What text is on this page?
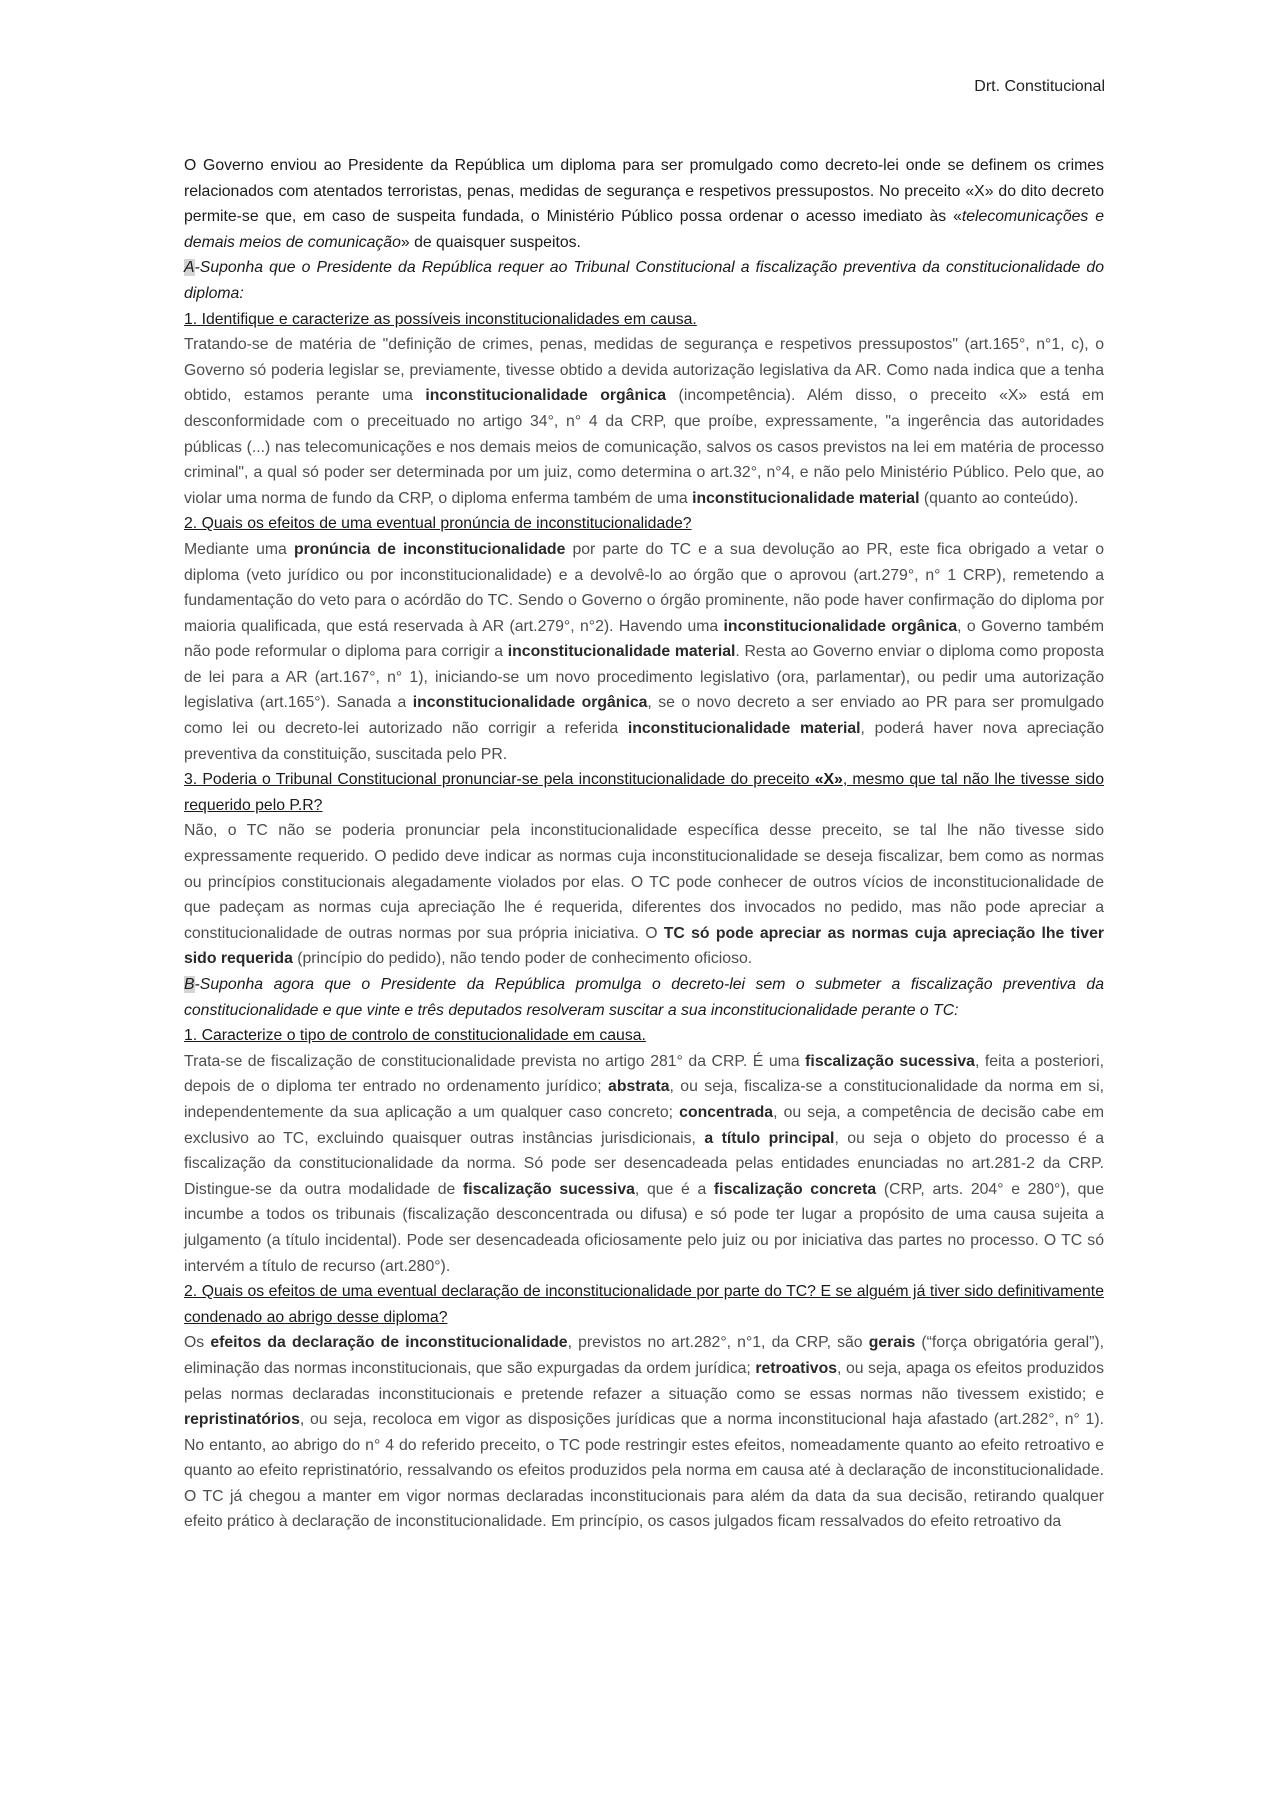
Drt. Constitucional

O Governo enviou ao Presidente da República um diploma para ser promulgado como decreto-lei onde se definem os crimes relacionados com atentados terroristas, penas, medidas de segurança e respetivos pressupostos. No preceito «X» do dito decreto permite-se que, em caso de suspeita fundada, o Ministério Público possa ordenar o acesso imediato às «telecomunicações e demais meios de comunicação» de quaisquer suspeitos.

A-Suponha que o Presidente da República requer ao Tribunal Constitucional a fiscalização preventiva da constitucionalidade do diploma:

1. Identifique e caracterize as possíveis inconstitucionalidades em causa.

Tratando-se de matéria de "definição de crimes, penas, medidas de segurança e respetivos pressupostos" (art.165°, n°1, c), o Governo só poderia legislar se, previamente, tivesse obtido a devida autorização legislativa da AR. Como nada indica que a tenha obtido, estamos perante uma inconstitucionalidade orgânica (incompetência). Além disso, o preceito «X» está em desconformidade com o preceituado no artigo 34°, n° 4 da CRP, que proíbe, expressamente, "a ingerência das autoridades públicas (...) nas telecomunicações e nos demais meios de comunicação, salvos os casos previstos na lei em matéria de processo criminal", a qual só poder ser determinada por um juiz, como determina o art.32°, n°4, e não pelo Ministério Público. Pelo que, ao violar uma norma de fundo da CRP, o diploma enferma também de uma inconstitucionalidade material (quanto ao conteúdo).

2. Quais os efeitos de uma eventual pronúncia de inconstitucionalidade?

Mediante uma pronúncia de inconstitucionalidade por parte do TC e a sua devolução ao PR, este fica obrigado a vetar o diploma (veto jurídico ou por inconstitucionalidade) e a devolvê-lo ao órgão que o aprovou (art.279°, n° 1 CRP), remetendo a fundamentação do veto para o acórdão do TC. Sendo o Governo o órgão prominente, não pode haver confirmação do diploma por maioria qualificada, que está reservada à AR (art.279°, n°2). Havendo uma inconstitucionalidade orgânica, o Governo também não pode reformular o diploma para corrigir a inconstitucionalidade material. Resta ao Governo enviar o diploma como proposta de lei para a AR (art.167°, n° 1), iniciando-se um novo procedimento legislativo (ora, parlamentar), ou pedir uma autorização legislativa (art.165°). Sanada a inconstitucionalidade orgânica, se o novo decreto a ser enviado ao PR para ser promulgado como lei ou decreto-lei autorizado não corrigir a referida inconstitucionalidade material, poderá haver nova apreciação preventiva da constituição, suscitada pelo PR.

3. Poderia o Tribunal Constitucional pronunciar-se pela inconstitucionalidade do preceito «X», mesmo que tal não lhe tivesse sido requerido pelo P.R?

Não, o TC não se poderia pronunciar pela inconstitucionalidade específica desse preceito, se tal lhe não tivesse sido expressamente requerido. O pedido deve indicar as normas cuja inconstitucionalidade se deseja fiscalizar, bem como as normas ou princípios constitucionais alegadamente violados por elas. O TC pode conhecer de outros vícios de inconstitucionalidade de que padeçam as normas cuja apreciação lhe é requerida, diferentes dos invocados no pedido, mas não pode apreciar a constitucionalidade de outras normas por sua própria iniciativa. O TC só pode apreciar as normas cuja apreciação lhe tiver sido requerida (princípio do pedido), não tendo poder de conhecimento oficioso.

B-Suponha agora que o Presidente da República promulga o decreto-lei sem o submeter a fiscalização preventiva da constitucionalidade e que vinte e três deputados resolveram suscitar a sua inconstitucionalidade perante o TC:

1. Caracterize o tipo de controlo de constitucionalidade em causa.

Trata-se de fiscalização de constitucionalidade prevista no artigo 281° da CRP. É uma fiscalização sucessiva, feita a posteriori, depois de o diploma ter entrado no ordenamento jurídico; abstrata, ou seja, fiscaliza-se a constitucionalidade da norma em si, independentemente da sua aplicação a um qualquer caso concreto; concentrada, ou seja, a competência de decisão cabe em exclusivo ao TC, excluindo quaisquer outras instâncias jurisdicionais, a título principal, ou seja o objeto do processo é a fiscalização da constitucionalidade da norma. Só pode ser desencadeada pelas entidades enunciadas no art.281-2 da CRP. Distingue-se da outra modalidade de fiscalização sucessiva, que é a fiscalização concreta (CRP, arts. 204° e 280°), que incumbe a todos os tribunais (fiscalização desconcentrada ou difusa) e só pode ter lugar a propósito de uma causa sujeita a julgamento (a título incidental). Pode ser desencadeada oficiosamente pelo juiz ou por iniciativa das partes no processo. O TC só intervém a título de recurso (art.280°).

2. Quais os efeitos de uma eventual declaração de inconstitucionalidade por parte do TC? E se alguém já tiver sido definitivamente condenado ao abrigo desse diploma?

Os efeitos da declaração de inconstitucionalidade, previstos no art.282°, n°1, da CRP, são gerais (“força obrigatória geral”), eliminação das normas inconstitucionais, que são expurgadas da ordem jurídica; retroativos, ou seja, apaga os efeitos produzidos pelas normas declaradas inconstitucionais e pretende refazer a situação como se essas normas não tivessem existido; e repristinatórios, ou seja, recoloca em vigor as disposições jurídicas que a norma inconstitucional haja afastado (art.282°, n° 1). No entanto, ao abrigo do n° 4 do referido preceito, o TC pode restringir estes efeitos, nomeadamente quanto ao efeito retroativo e quanto ao efeito repristinatório, ressalvando os efeitos produzidos pela norma em causa até à declaração de inconstitucionalidade. O TC já chegou a manter em vigor normas declaradas inconstitucionais para além da data da sua decisão, retirando qualquer efeito prático à declaração de inconstitucionalidade. Em princípio, os casos julgados ficam ressalvados do efeito retroativo da
